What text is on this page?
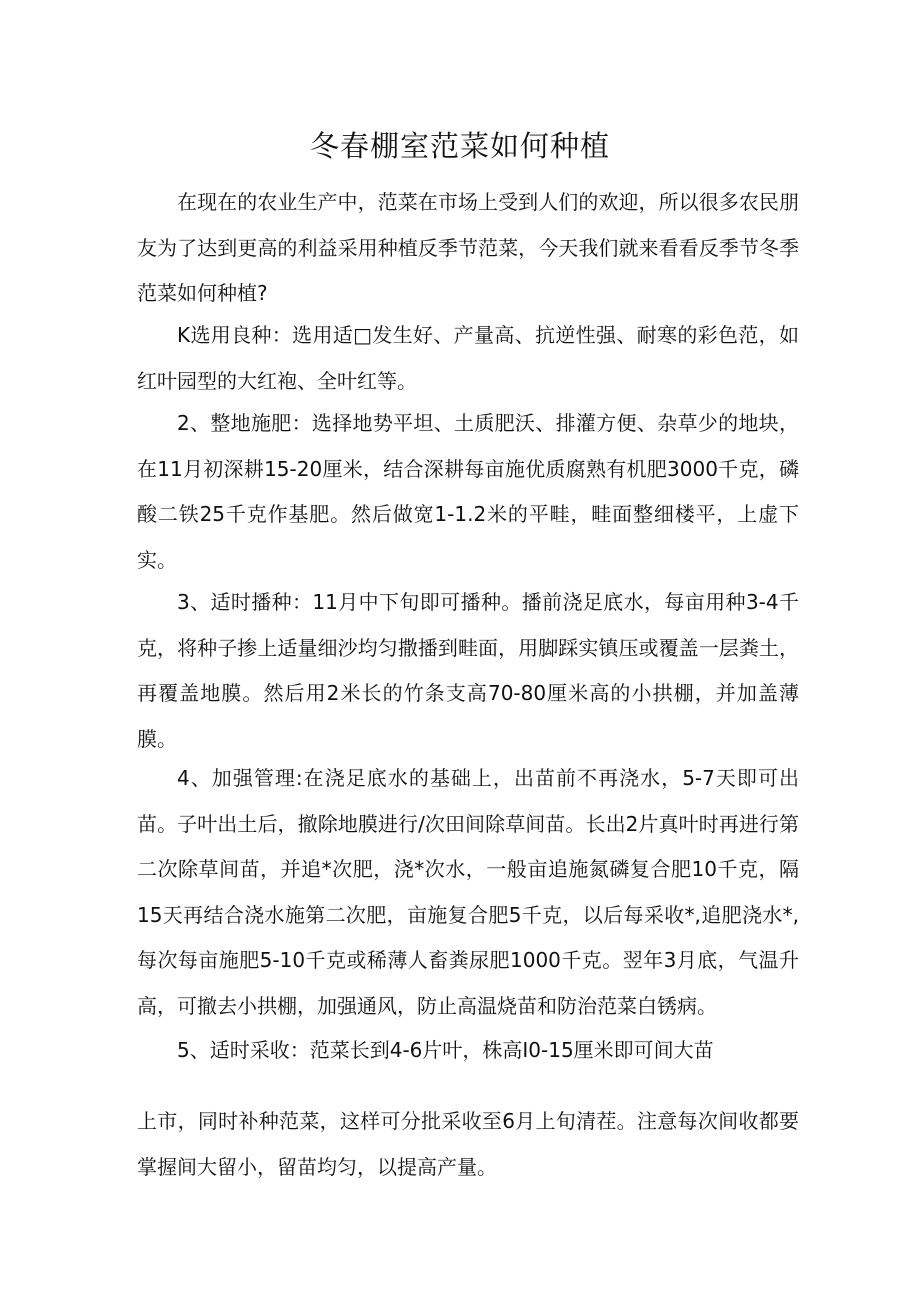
冬春棚室范菜如何种植

在现在的农业生产中，范菜在市场上受到人们的欢迎，所以很多农民朋友为了达到更高的利益采用种植反季节范菜，今天我们就来看看反季节冬季范菜如何种植?

K选用良种：选用适□发生好、产量高、抗逆性强、耐寒的彩色范，如红叶园型的大红袍、全叶红等。

2、整地施肥：选择地势平坦、土质肥沃、排灌方便、杂草少的地块，在11月初深耕15-20厘米，结合深耕每亩施优质腐熟有机肥3000千克，磷酸二铁25千克作基肥。然后做宽1-1.2米的平畦，畦面整细楼平，上虚下实。

3、适时播种：11月中下旬即可播种。播前浇足底水，每亩用种3-4千克，将种子掺上适量细沙均匀撒播到畦面，用脚踩实镇压或覆盖一层粪土，再覆盖地膜。然后用2米长的竹条支高70-80厘米高的小拱棚，并加盖薄膜。

4、加强管理:在浇足底水的基础上，出苗前不再浇水，5-7天即可出苗。子叶出土后，撤除地膜进行/次田间除草间苗。长出2片真叶时再进行第二次除草间苗，并追*次肥，浇*次水，一般亩追施氮磷复合肥10千克，隔15天再结合浇水施第二次肥，亩施复合肥5千克，以后每采收*,追肥浇水*,每次每亩施肥5-10千克或稀薄人畜粪尿肥1000千克。翌年3月底，气温升高，可撤去小拱棚，加强通风，防止高温烧苗和防治范菜白锈病。

5、适时采收：范菜长到4-6片叶，株高I0-15厘米即可间大苗

上市，同时补种范菜，这样可分批采收至6月上旬清茬。注意每次间收都要掌握间大留小，留苗均匀，以提高产量。
